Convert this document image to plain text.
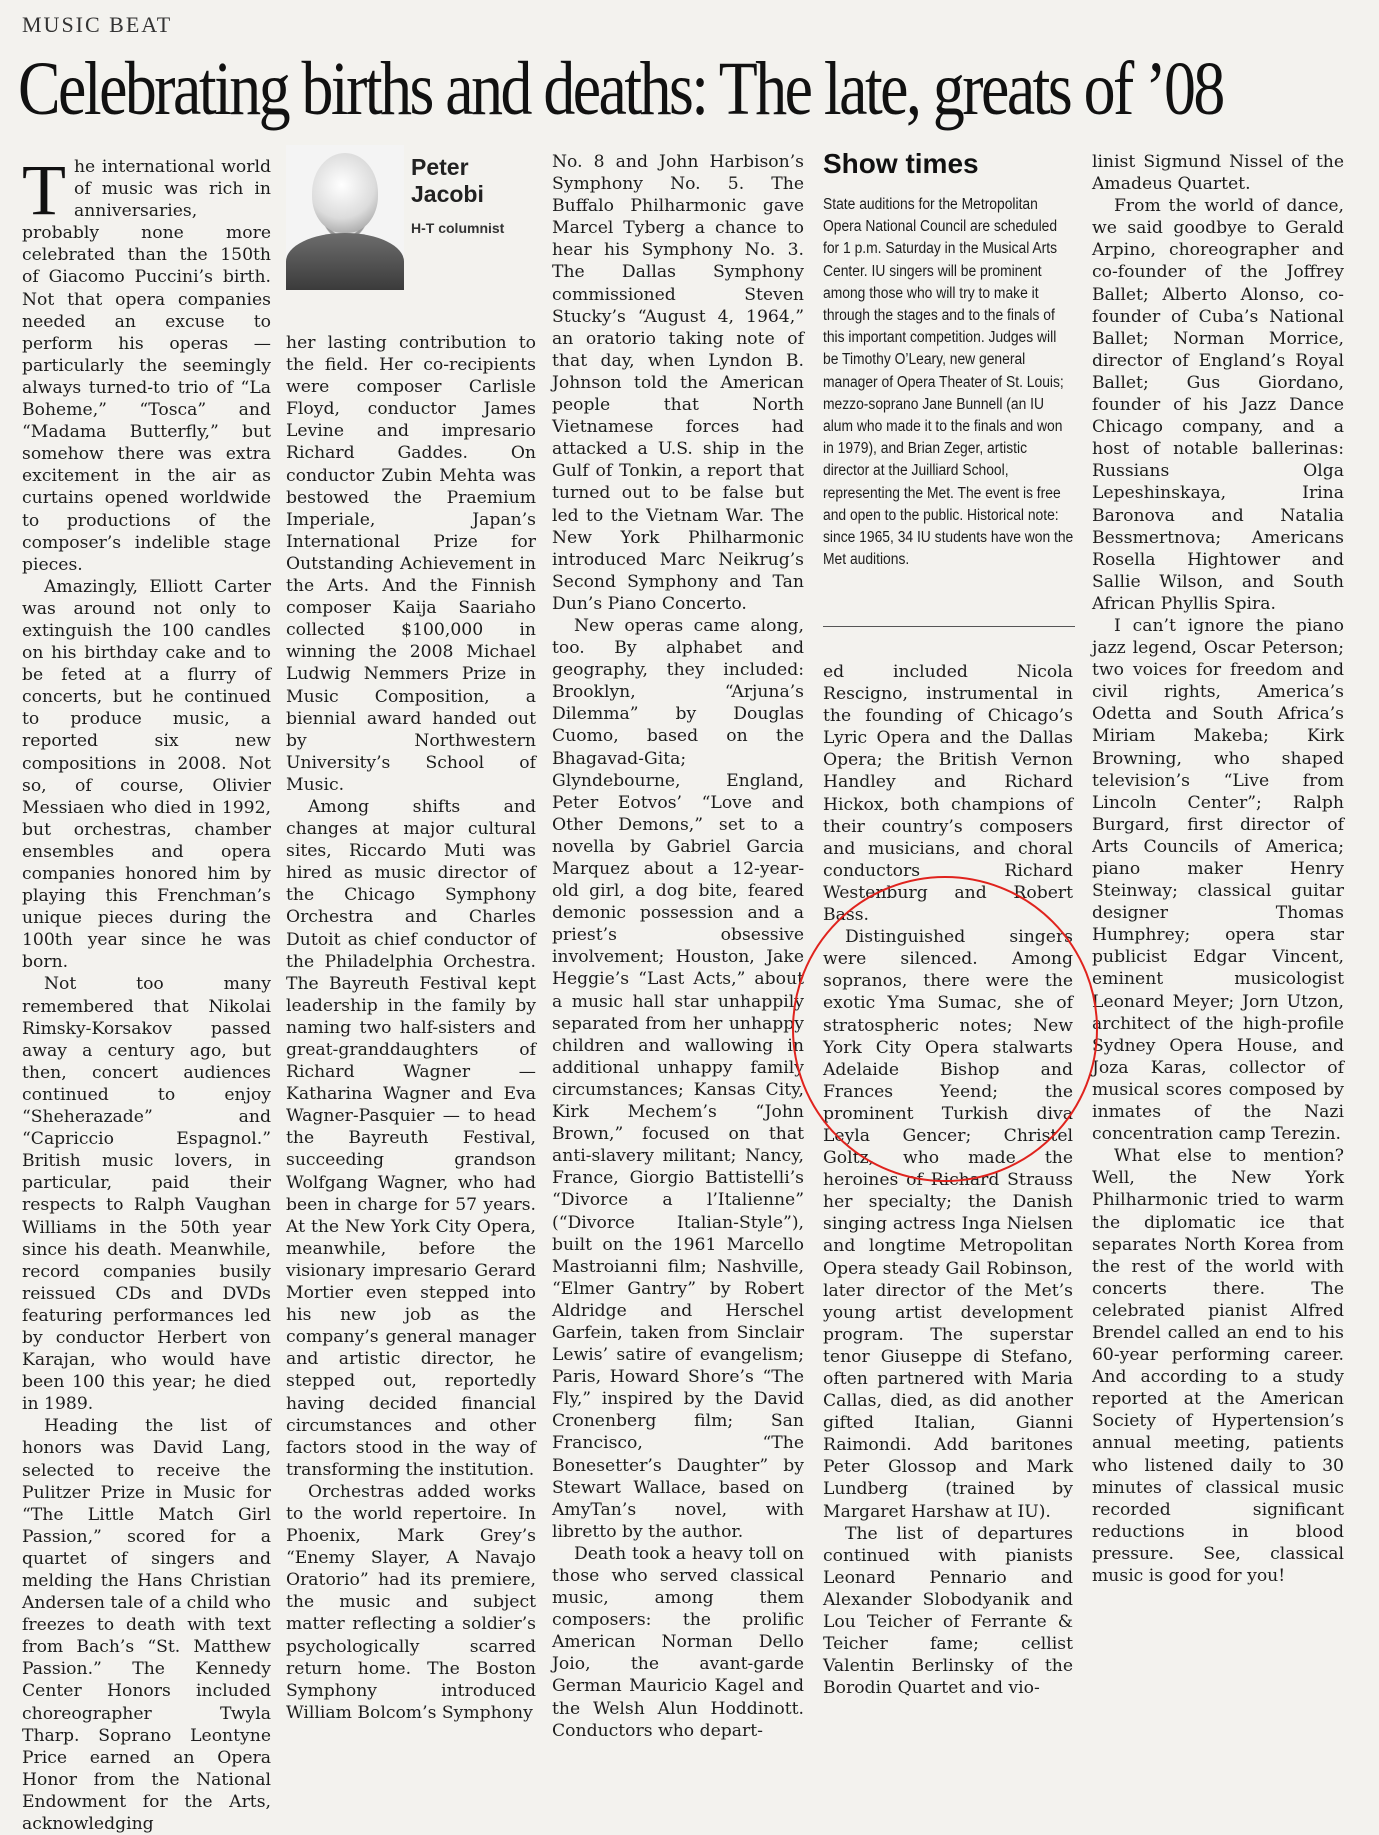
MUSIC BEAT
Celebrating births and deaths: The late, greats of ’08

The international world of music was rich in anniversaries, probably none more celebrated than the 150th of Giacomo Puccini’s birth. Not that opera companies needed an excuse to perform his operas — particularly the seemingly always turned-to trio of “La Boheme,” “Tosca” and “Madama Butterfly,” but somehow there was extra excitement in the air as curtains opened worldwide to productions of the composer’s indelible stage pieces.

Amazingly, Elliott Carter was around not only to extinguish the 100 candles on his birthday cake and to be feted at a flurry of concerts, but he continued to produce music, a reported six new compositions in 2008. Not so, of course, Olivier Messiaen who died in 1992, but orchestras, chamber ensembles and opera companies honored him by playing this Frenchman’s unique pieces during the 100th year since he was born.

Not too many remembered that Nikolai Rimsky-Korsakov passed away a century ago, but then, concert audiences continued to enjoy “Sheherazade” and “Capriccio Espagnol.” British music lovers, in particular, paid their respects to Ralph Vaughan Williams in the 50th year since his death. Meanwhile, record companies busily reissued CDs and DVDs featuring performances led by conductor Herbert von Karajan, who would have been 100 this year; he died in 1989.

Heading the list of honors was David Lang, selected to receive the Pulitzer Prize in Music for “The Little Match Girl Passion,” scored for a quartet of singers and melding the Hans Christian Andersen tale of a child who freezes to death with text from Bach’s “St. Matthew Passion.” The Kennedy Center Honors included choreographer Twyla Tharp. Soprano Leontyne Price earned an Opera Honor from the National Endowment for the Arts, acknowledging

Peter Jacobi
H-T columnist

her lasting contribution to the field. Her co-recipients were composer Carlisle Floyd, conductor James Levine and impresario Richard Gaddes. On conductor Zubin Mehta was bestowed the Praemium Imperiale, Japan’s International Prize for Outstanding Achievement in the Arts. And the Finnish composer Kaija Saariaho collected $100,000 in winning the 2008 Michael Ludwig Nemmers Prize in Music Composition, a biennial award handed out by Northwestern University’s School of Music.

Among shifts and changes at major cultural sites, Riccardo Muti was hired as music director of the Chicago Symphony Orchestra and Charles Dutoit as chief conductor of the Philadelphia Orchestra. The Bayreuth Festival kept leadership in the family by naming two half-sisters and great-granddaughters of Richard Wagner — Katharina Wagner and Eva Wagner-Pasquier — to head the Bayreuth Festival, succeeding grandson Wolfgang Wagner, who had been in charge for 57 years. At the New York City Opera, meanwhile, before the visionary impresario Gerard Mortier even stepped into his new job as the company’s general manager and artistic director, he stepped out, reportedly having decided financial circumstances and other factors stood in the way of transforming the institution.

Orchestras added works to the world repertoire. In Phoenix, Mark Grey’s “Enemy Slayer, A Navajo Oratorio” had its premiere, the music and subject matter reflecting a soldier’s psychologically scarred return home. The Boston Symphony introduced William Bolcom’s Symphony

No. 8 and John Harbison’s Symphony No. 5. The Buffalo Philharmonic gave Marcel Tyberg a chance to hear his Symphony No. 3. The Dallas Symphony commissioned Steven Stucky’s “August 4, 1964,” an oratorio taking note of that day, when Lyndon B. Johnson told the American people that North Vietnamese forces had attacked a U.S. ship in the Gulf of Tonkin, a report that turned out to be false but led to the Vietnam War. The New York Philharmonic introduced Marc Neikrug’s Second Symphony and Tan Dun’s Piano Concerto.

New operas came along, too. By alphabet and geography, they included: Brooklyn, “Arjuna’s Dilemma” by Douglas Cuomo, based on the Bhagavad-Gita; Glyndebourne, England, Peter Eotvos’ “Love and Other Demons,” set to a novella by Gabriel Garcia Marquez about a 12-year-old girl, a dog bite, feared demonic possession and a priest’s obsessive involvement; Houston, Jake Heggie’s “Last Acts,” about a music hall star unhappily separated from her unhappy children and wallowing in additional unhappy family circumstances; Kansas City, Kirk Mechem’s “John Brown,” focused on that anti-slavery militant; Nancy, France, Giorgio Battistelli’s “Divorce a l’Italienne” (“Divorce Italian-Style”), built on the 1961 Marcello Mastroianni film; Nashville, “Elmer Gantry” by Robert Aldridge and Herschel Garfein, taken from Sinclair Lewis’ satire of evangelism; Paris, Howard Shore’s “The Fly,” inspired by the David Cronenberg film; San Francisco, “The Bonesetter’s Daughter” by Stewart Wallace, based on AmyTan’s novel, with libretto by the author.

Death took a heavy toll on those who served classical music, among them composers: the prolific American Norman Dello Joio, the avant-garde German Mauricio Kagel and the Welsh Alun Hoddinott. Conductors who depart-

Show times
State auditions for the Metropolitan Opera National Council are scheduled for 1 p.m. Saturday in the Musical Arts Center. IU singers will be prominent among those who will try to make it through the stages and to the finals of this important competition. Judges will be Timothy O’Leary, new general manager of Opera Theater of St. Louis; mezzo-soprano Jane Bunnell (an IU alum who made it to the finals and won in 1979), and Brian Zeger, artistic director at the Juilliard School, representing the Met. The event is free and open to the public. Historical note: since 1965, 34 IU students have won the Met auditions.

ed included Nicola Rescigno, instrumental in the founding of Chicago’s Lyric Opera and the Dallas Opera; the British Vernon Handley and Richard Hickox, both champions of their country’s composers and musicians, and choral conductors Richard Westenburg and Robert Bass.

Distinguished singers were silenced. Among sopranos, there were the exotic Yma Sumac, she of stratospheric notes; New York City Opera stalwarts Adelaide Bishop and Frances Yeend; the prominent Turkish diva Leyla Gencer; Christel Goltz, who made the heroines of Richard Strauss her specialty; the Danish singing actress Inga Nielsen and longtime Metropolitan Opera steady Gail Robinson, later director of the Met’s young artist development program. The superstar tenor Giuseppe di Stefano, often partnered with Maria Callas, died, as did another gifted Italian, Gianni Raimondi. Add baritones Peter Glossop and Mark Lundberg (trained by Margaret Harshaw at IU).

The list of departures continued with pianists Leonard Pennario and Alexander Slobodyanik and Lou Teicher of Ferrante & Teicher fame; cellist Valentin Berlinsky of the Borodin Quartet and vio-

linist Sigmund Nissel of the Amadeus Quartet.

From the world of dance, we said goodbye to Gerald Arpino, choreographer and co-founder of the Joffrey Ballet; Alberto Alonso, co-founder of Cuba’s National Ballet; Norman Morrice, director of England’s Royal Ballet; Gus Giordano, founder of his Jazz Dance Chicago company, and a host of notable ballerinas: Russians Olga Lepeshinskaya, Irina Baronova and Natalia Bessmertnova; Americans Rosella Hightower and Sallie Wilson, and South African Phyllis Spira.

I can’t ignore the piano jazz legend, Oscar Peterson; two voices for freedom and civil rights, America’s Odetta and South Africa’s Miriam Makeba; Kirk Browning, who shaped television’s “Live from Lincoln Center”; Ralph Burgard, first director of Arts Councils of America; piano maker Henry Steinway; classical guitar designer Thomas Humphrey; opera star publicist Edgar Vincent, eminent musicologist Leonard Meyer; Jorn Utzon, architect of the high-profile Sydney Opera House, and Joza Karas, collector of musical scores composed by inmates of the Nazi concentration camp Terezin.

What else to mention? Well, the New York Philharmonic tried to warm the diplomatic ice that separates North Korea from the rest of the world with concerts there. The celebrated pianist Alfred Brendel called an end to his 60-year performing career. And according to a study reported at the American Society of Hypertension’s annual meeting, patients who listened daily to 30 minutes of classical music recorded significant reductions in blood pressure. See, classical music is good for you!
